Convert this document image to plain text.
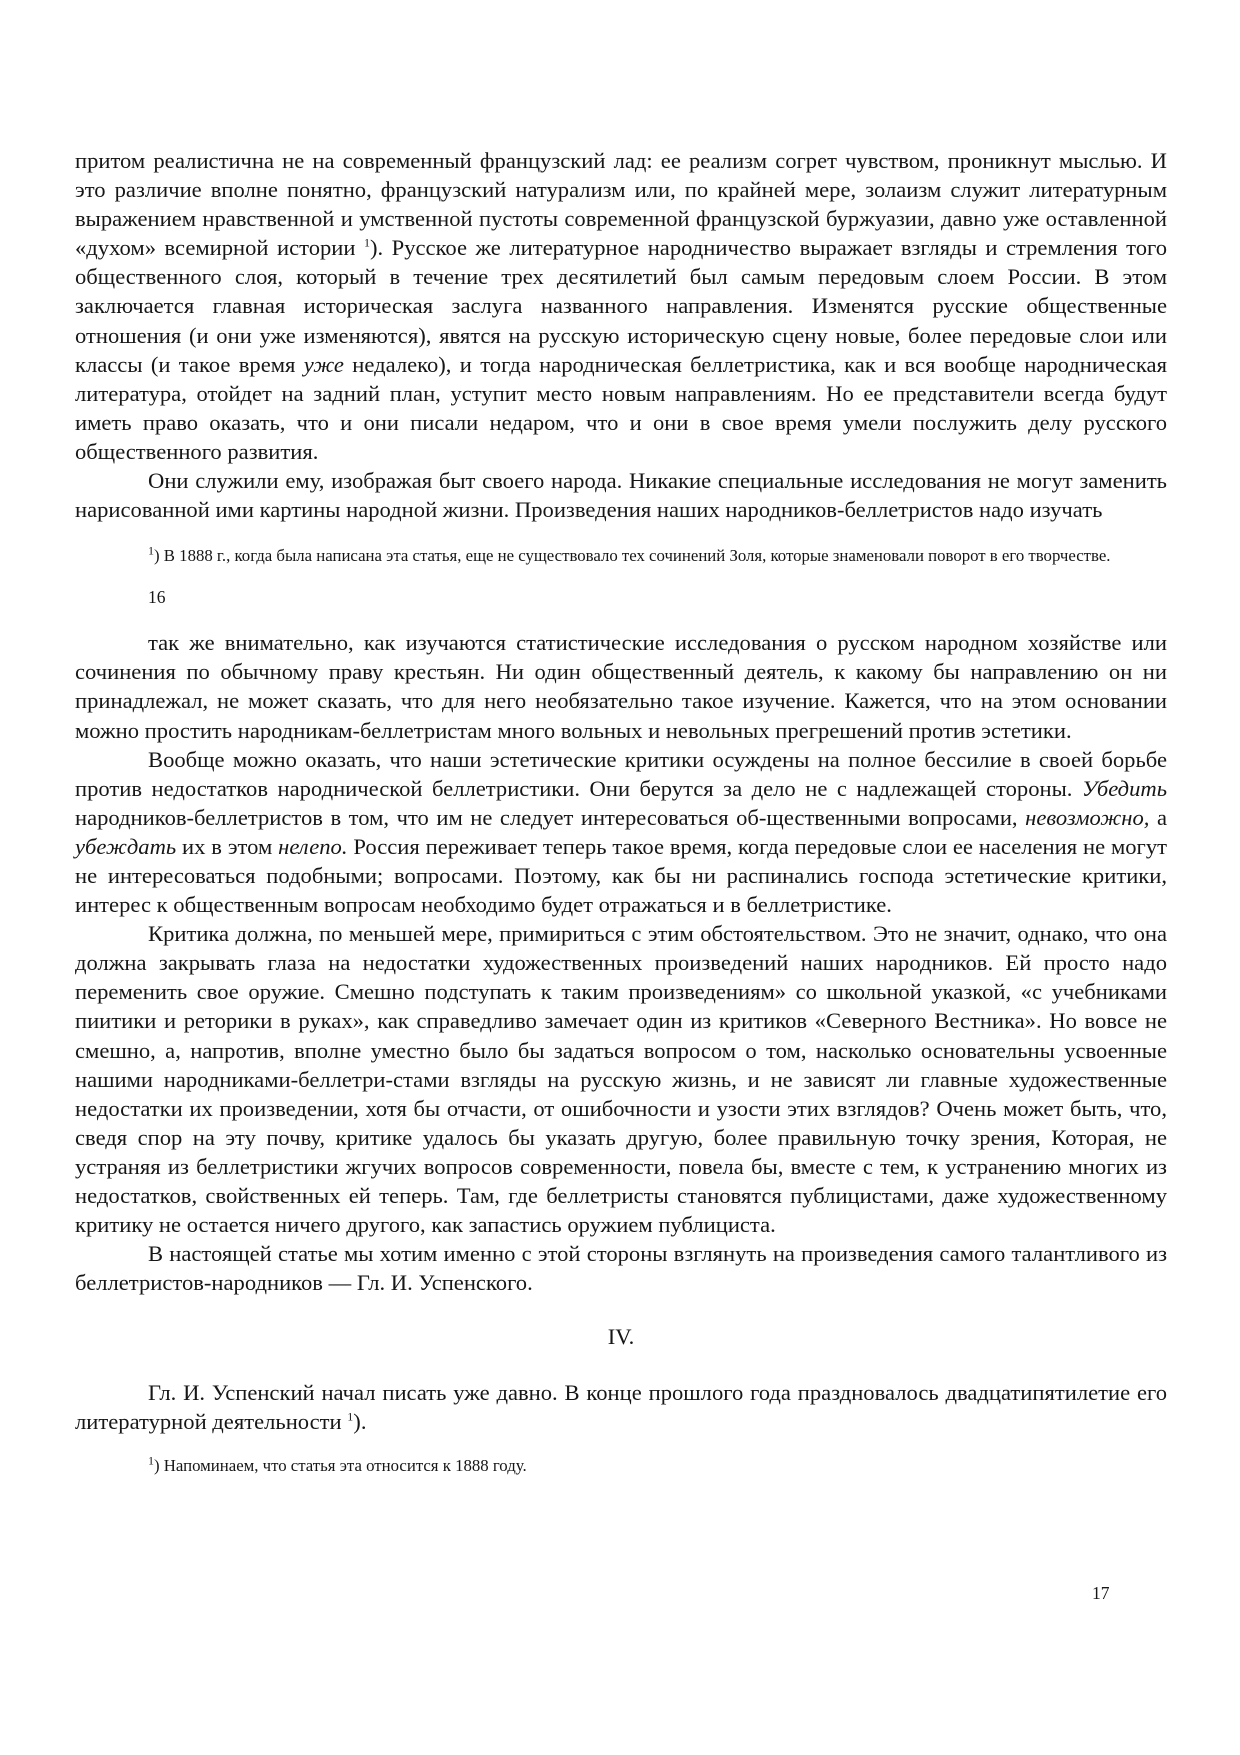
притом реалистична не на современный французский лад: ее реализм согрет чувством, проникнут мыслью. И это различие вполне понятно, французский натурализм или, по крайней мере, золаизм служит литературным выражением нравственной и умственной пустоты современной французской буржуазии, давно уже оставленной «духом» всемирной истории $^1$). Русское же литературное народничество выражает взгляды и стремления того общественного слоя, который в течение трех десятилетий был самым передовым слоем России. В этом заключается главная историческая заслуга названного направления. Изменятся русские общественные отношения (и они уже изменяются), явятся на русскую историческую сцену новые, более передовые слои или классы (и такое время уже недалеко), и тогда народническая беллетристика, как и вся вообще народническая литература, отойдет на задний план, уступит место новым направлениям. Но ее представители всегда будут иметь право оказать, что и они писали недаром, что и они в свое время умели послужить делу русского общественного развития.

Они служили ему, изображая быт своего народа. Никакие специальные исследования не могут заменить нарисованной ими картины народной жизни. Произведения наших народников-беллетристов надо изучать

$^1$) В 1888 г., когда была написана эта статья, еще не существовало тех сочинений Золя, которые знаменовали поворот в его творчестве.

16

так же внимательно, как изучаются статистические исследования о русском народном хозяйстве или сочинения по обычному праву крестьян. Ни один общественный деятель, к какому бы направлению он ни принадлежал, не может сказать, что для него необязательно такое изучение. Кажется, что на этом основании можно простить народникам-беллетристам много вольных и невольных прегрешений против эстетики.

Вообще можно оказать, что наши эстетические критики осуждены на полное бессилие в своей борьбе против недостатков народнической беллетристики. Они берутся за дело не с надлежащей стороны. Убедить народников-беллетристов в том, что им не следует интересоваться об-щественными вопросами, невозможно, а убеждать их в этом нелепо. Россия переживает теперь такое время, когда передовые слои ее населения не могут не интересоваться подобными; вопросами. Поэтому, как бы ни распинались господа эстетические критики, интерес к общественным вопросам необходимо будет отражаться и в беллетристике.

Критика должна, по меньшей мере, примириться с этим обстоятельством. Это не значит, однако, что она должна закрывать глаза на недостатки художественных произведений наших народников. Ей просто надо переменить свое оружие. Смешно подступать к таким произведениям» со школьной указкой, «с учебниками пиитики и реторики в руках», как справедливо замечает один из критиков «Северного Вестника». Но вовсе не смешно, а, напротив, вполне уместно было бы задаться вопросом о том, насколько основательны усвоенные нашими народниками-беллетри-стами взгляды на русскую жизнь, и не зависят ли главные художественные недостатки их произведении, хотя бы отчасти, от ошибочности и узости этих взглядов? Очень может быть, что, сведя спор на эту почву, критике удалось бы указать другую, более правильную точку зрения, Которая, не устраняя из беллетристики жгучих вопросов современности, повела бы, вместе с тем, к устранению многих из недостатков, свойственных ей теперь. Там, где беллетристы становятся публицистами, даже художественному критику не остается ничего другого, как запастись оружием публициста.

В настоящей статье мы хотим именно с этой стороны взглянуть на произведения самого талантливого из беллетристов-народников — Гл. И. Успенского.

IV.

Гл. И. Успенский начал писать уже давно. В конце прошлого года праздновалось двадцатипятилетие его литературной деятельности $^1$).

$^1$) Напоминаем, что статья эта относится к 1888 году.

17
